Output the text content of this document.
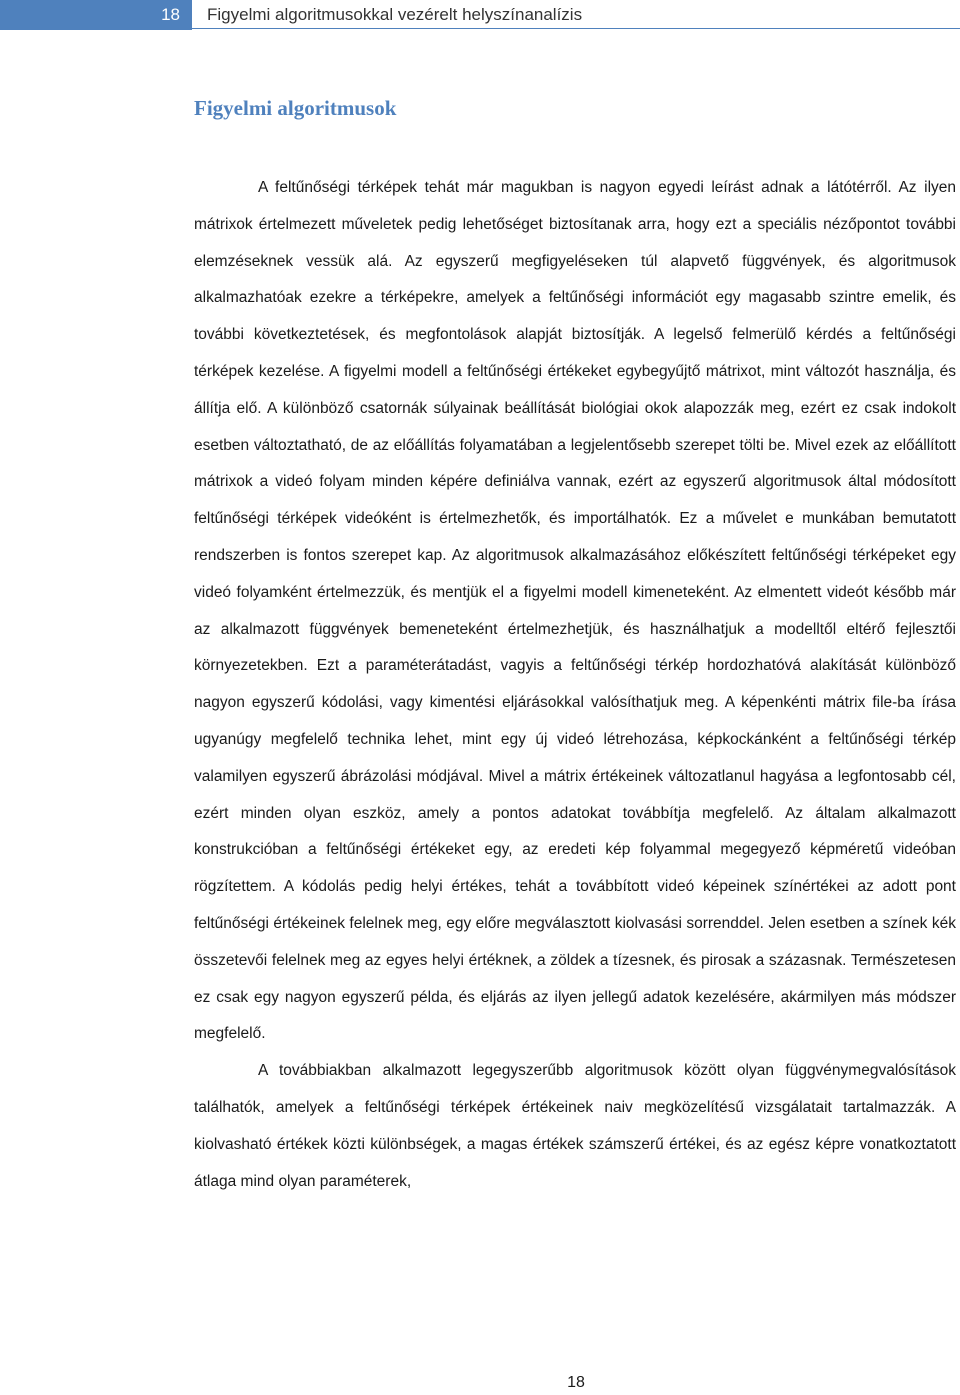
18	Figyelmi algoritmusokkal vezérelt helyszínanalízis
Figyelmi algoritmusok

A feltűnőségi térképek tehát már magukban is nagyon egyedi leírást adnak a látótérről. Az ilyen mátrixok értelmezett műveletek pedig lehetőséget biztosítanak arra, hogy ezt a speciális nézőpontot további elemzéseknek vessük alá. Az egyszerű megfigyeléseken túl alapvető függvények, és algoritmusok alkalmazhatóak ezekre a térképekre, amelyek a feltűnőségi információt egy magasabb szintre emelik, és további következtetések, és megfontolások alapját biztosítják. A legelső felmerülő kérdés a feltűnőségi térképek kezelése. A figyelmi modell a feltűnőségi értékeket egybegyűjtő mátrixot, mint változót használja, és állítja elő. A különböző csatornák súlyainak beállítását biológiai okok alapozzák meg, ezért ez csak indokolt esetben változtatható, de az előállítás folyamatában a legjelentősebb szerepet tölti be. Mivel ezek az előállított mátrixok a videó folyam minden képére definiálva vannak, ezért az egyszerű algoritmusok által módosított feltűnőségi térképek videóként is értelmezhetők, és importálhatók. Ez a művelet e munkában bemutatott rendszerben is fontos szerepet kap. Az algoritmusok alkalmazásához előkészített feltűnőségi térképeket egy videó folyamként értelmezzük, és mentjük el a figyelmi modell kimeneteként. Az elmentett videót később már az alkalmazott függvények bemeneteként értelmezhetjük, és használhatjuk a modelltől eltérő fejlesztői környezetekben. Ezt a paraméterátadást, vagyis a feltűnőségi térkép hordozhatóvá alakítását különböző nagyon egyszerű kódolási, vagy kimentési eljárásokkal valósíthatjuk meg. A képenkénti mátrix file-ba írása ugyanúgy megfelelő technika lehet, mint egy új videó létrehozása, képkockánként a feltűnőségi térkép valamilyen egyszerű ábrázolási módjával. Mivel a mátrix értékeinek változatlanul hagyása a legfontosabb cél, ezért minden olyan eszköz, amely a pontos adatokat továbbítja megfelelő. Az általam alkalmazott konstrukcióban a feltűnőségi értékeket egy, az eredeti kép folyammal megegyező képméretű videóban rögzítettem. A kódolás pedig helyi értékes, tehát a továbbított videó képeinek színértékei az adott pont feltűnőségi értékeinek felelnek meg, egy előre megválasztott kiolvasási sorrenddel. Jelen esetben a színek kék összetevői felelnek meg az egyes helyi értéknek, a zöldek a tízesnek, és pirosak a százasnak. Természetesen ez csak egy nagyon egyszerű példa, és eljárás az ilyen jellegű adatok kezelésére, akármilyen más módszer megfelelő.

A továbbiakban alkalmazott legegyszerűbb algoritmusok között olyan függvénymegvalósítások találhatók, amelyek a feltűnőségi térképek értékeinek naiv megközelítésű vizsgálatait tartalmazzák. A kiolvasható értékek közti különbségek, a magas értékek számszerű értékei, és az egész képre vonatkoztatott átlaga mind olyan paraméterek,

18
